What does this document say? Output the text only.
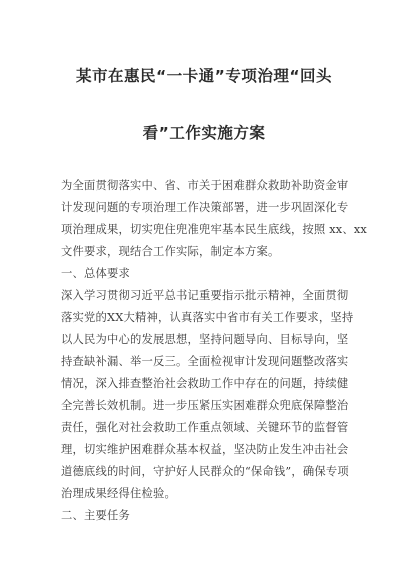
某市在惠民“一卡通”专项治理“回头
看”工作实施方案
为全面贯彻落实中、省、市关于困难群众救助补助资金审
计发现问题的专项治理工作决策部署，进一步巩固深化专
项治理成果，切实兜住兜准兜牢基本民生底线，按照 xx、xx
文件要求，现结合工作实际，制定本方案。
一、总体要求
深入学习贯彻习近平总书记重要指示批示精神，全面贯彻
落实党的XX大精神，认真落实中省市有关工作要求，坚持
以人民为中心的发展思想，坚持问题导向、目标导向，坚
持查缺补漏、举一反三。全面检视审计发现问题整改落实
情况，深入排查整治社会救助工作中存在的问题，持续健
全完善长效机制。进一步压紧压实困难群众兜底保障整治
责任，强化对社会救助工作重点领域、关键环节的监督管
理，切实维护困难群众基本权益，坚决防止发生冲击社会
道德底线的时间，守护好人民群众的“保命钱”，确保专项
治理成果经得住检验。
二、主要任务
